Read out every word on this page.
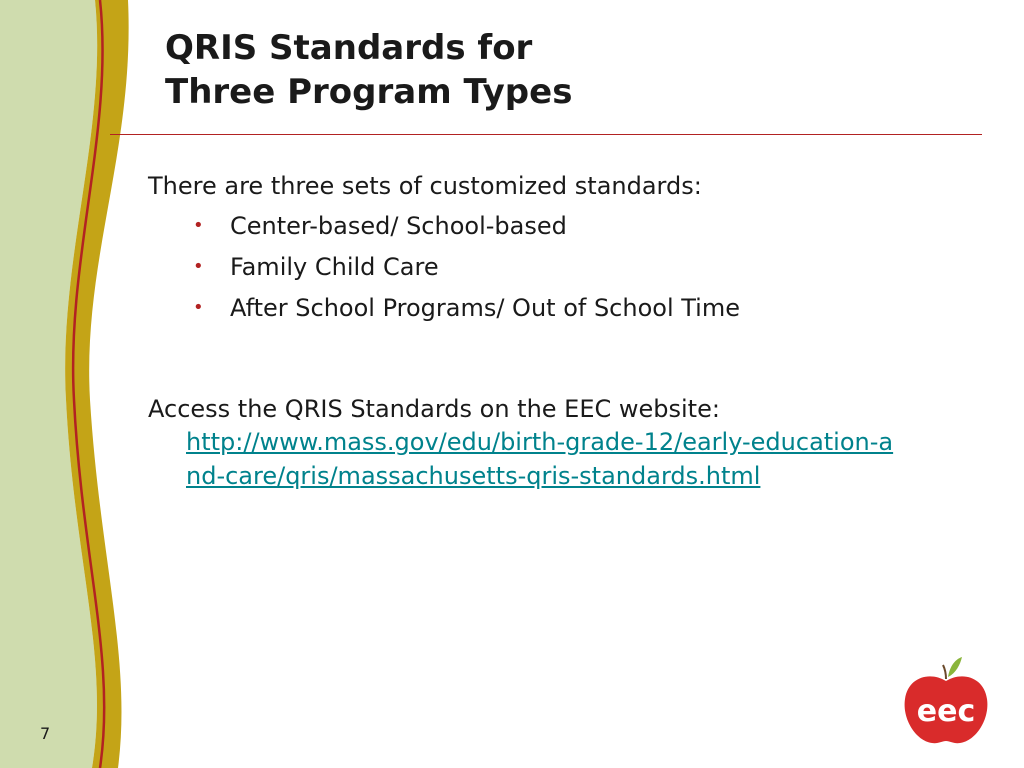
QRIS Standards for
Three Program Types

There are three sets of customized standards:

• Center-based/ School-based
• Family Child Care
• After School Programs/ Out of School Time

Access the QRIS Standards on the EEC website:

http://www.mass.gov/edu/birth-grade-12/early-education-and-care/qris/massachusetts-qris-standards.html
7
eec
